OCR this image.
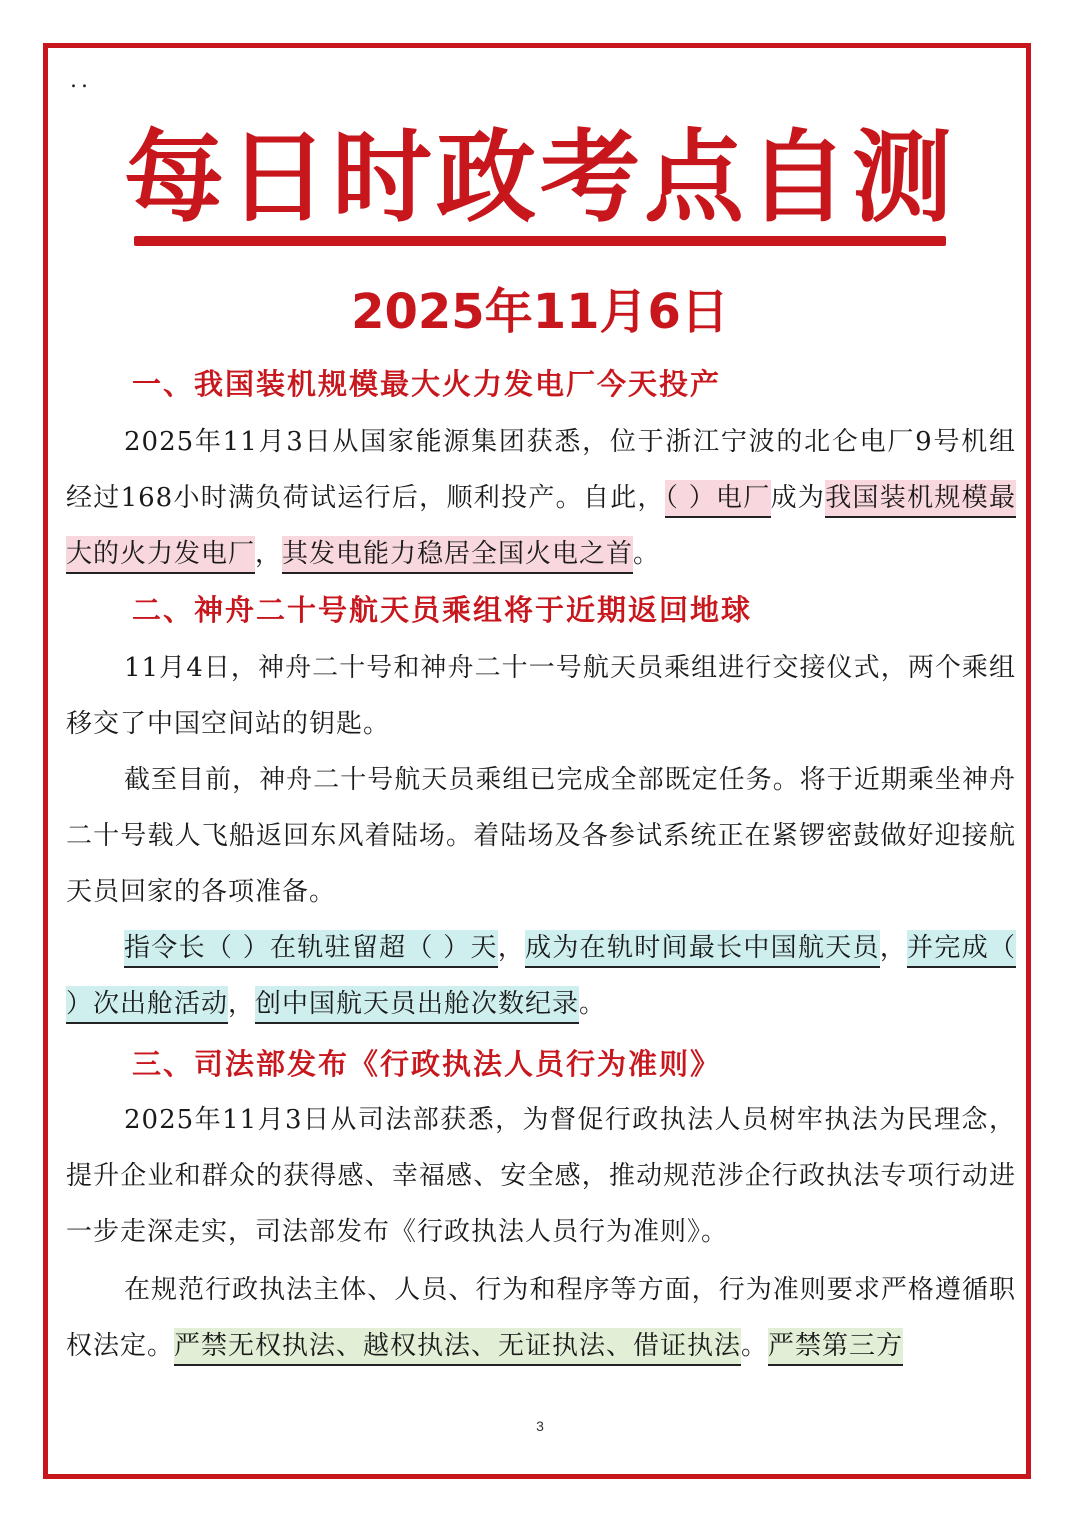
..
每日时政考点自测
2025年11月6日
一、我国装机规模最大火力发电厂今天投产
2025年11月3日从国家能源集团获悉，位于浙江宁波的北仑电厂9号机组经过168小时满负荷试运行后，顺利投产。自此，（ ）电厂成为我国装机规模最大的火力发电厂，其发电能力稳居全国火电之首。
二、神舟二十号航天员乘组将于近期返回地球
11月4日，神舟二十号和神舟二十一号航天员乘组进行交接仪式，两个乘组移交了中国空间站的钥匙。
截至目前，神舟二十号航天员乘组已完成全部既定任务。将于近期乘坐神舟二十号载人飞船返回东风着陆场。着陆场及各参试系统正在紧锣密鼓做好迎接航天员回家的各项准备。
指令长（ ）在轨驻留超（ ）天，成为在轨时间最长中国航天员，并完成（ ）次出舱活动，创中国航天员出舱次数纪录。
三、司法部发布《行政执法人员行为准则》
2025年11月3日从司法部获悉，为督促行政执法人员树牢执法为民理念，提升企业和群众的获得感、幸福感、安全感，推动规范涉企行政执法专项行动进一步走深走实，司法部发布《行政执法人员行为准则》。
在规范行政执法主体、人员、行为和程序等方面，行为准则要求严格遵循职权法定。严禁无权执法、越权执法、无证执法、借证执法。严禁第三方
3
